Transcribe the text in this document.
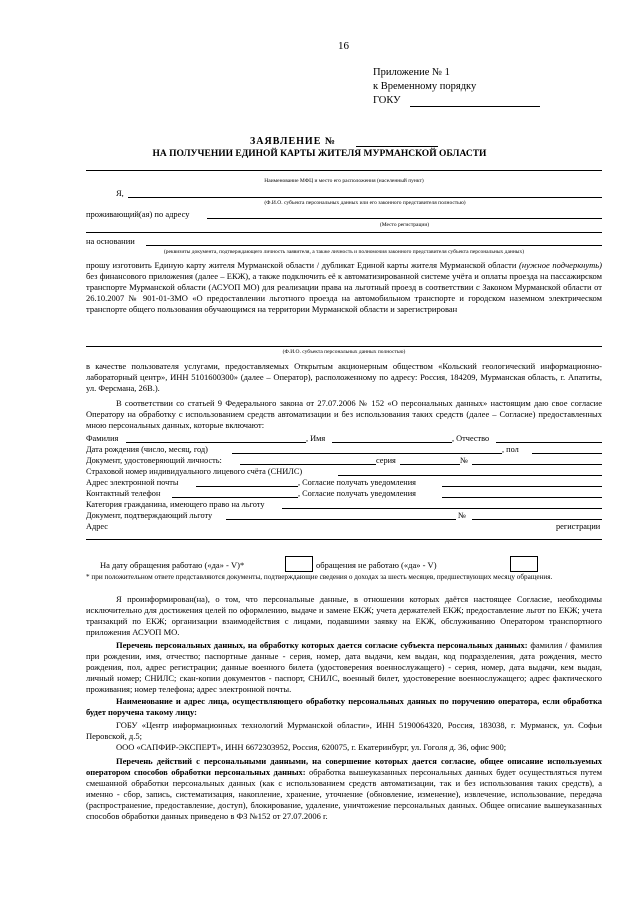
16
Приложение № 1
к Временному порядку
ГОКУ
ЗАЯВЛЕНИЕ №
НА ПОЛУЧЕНИИ ЕДИНОЙ КАРТЫ ЖИТЕЛЯ МУРМАНСКОЙ ОБЛАСТИ
Наименование МФЦ и место его расположения (населенный пункт)
Я,
(Ф.И.О. субъекта персональных данных или его законного представителя полностью)
проживающий(ая) по адресу
(Место регистрации)
на основании
(реквизиты документа, подтверждающего личность заявителя, а также личность и полномочия законного представителя субъекта персональных данных)
прошу изготовить Единую карту жителя Мурманской области / дубликат Единой карты жителя Мурманской области (нужное подчеркнуть) без финансового приложения (далее – ЕКЖ), а также подключить её к автоматизированной системе учёта и оплаты проезда на пассажирском транспорте Мурманской области (АСУОП МО) для реализации права на льготный проезд в соответствии с Законом Мурманской области от 26.10.2007 № 901-01-ЗМО «О предоставлении льготного проезда на автомобильном транспорте и городском наземном электрическом транспорте общего пользования обучающимся на территории Мурманской области и зарегистрирован
(Ф.И.О. субъекта персональных данных полностью)
в качестве пользователя услугами, предоставляемых Открытым акционерным обществом «Кольский геологический информационно-лабораторный центр», ИНН 5101600300» (далее – Оператор), расположенному по адресу: Россия, 184209, Мурманская область, г. Апатиты, ул. Ферсмана, 26В.).
В соответствии со статьей 9 Федерального закона от 27.07.2006 № 152 «О персональных данных» настоящим даю свое согласие Оператору на обработку с использованием средств автоматизации и без использования таких средств (далее – Согласие) предоставленных мною персональных данных, которые включают:
Фамилия	, Имя	, Отчество
Дата рождения (число, месяц, год)	, пол
Документ, удостоверяющий личность:	серия	№
Страховой номер индивидуального лицевого счёта (СНИЛС)
Адрес электронной почты	, Согласие получать уведомления
Контактный телефон	, Согласие получать уведомления
Категория гражданина, имеющего право на льготу
Документ, подтверждающий льготу	№
Адрес	регистрации
На дату обращения работаю («да» - V)*	обращения не работаю («да» - V)
* при положительном ответе представляются документы, подтверждающие сведения о доходах за шесть месяцев, предшествующих месяцу обращения.
Я проинформирован(на), о том, что персональные данные, в отношении которых даётся настоящее Согласие, необходимы исключительно для достижения целей по оформлению, выдаче и замене ЕКЖ; учета держателей ЕКЖ; предоставление льгот по ЕКЖ; учета транзакций по ЕКЖ; организации взаимодействия с лицами, подавшими заявку на ЕКЖ, обслуживанию Оператором транспортного приложения АСУОП МО.
Перечень персональных данных, на обработку которых дается согласие субъекта персональных данных: фамилия / фамилия при рождении, имя, отчество; паспортные данные - серия, номер, дата выдачи, кем выдан, код подразделения, дата рождения, место рождения, пол, адрес регистрации; данные военного билета (удостоверения военнослужащего) - серия, номер, дата выдачи, кем выдан, личный номер; СНИЛС; скан-копии документов - паспорт, СНИЛС, военный билет, удостоверение военнослужащего; адрес фактического проживания; номер телефона; адрес электронной почты.
Наименование и адрес лица, осуществляющего обработку персональных данных по поручению оператора, если обработка будет поручена такому лицу:
ГОБУ «Центр информационных технологий Мурманской области», ИНН 5190064320, Россия, 183038, г. Мурманск, ул. Софьи Перовской, д.5;
ООО «САПФИР-ЭКСПЕРТ», ИНН 6672303952, Россия, 620075, г. Екатеринбург, ул. Гоголя д. 36, офис 900;
Перечень действий с персональными данными, на совершение которых дается согласие, общее описание используемых оператором способов обработки персональных данных: обработка вышеуказанных персональных данных будет осуществляться путем смешанной обработки персональных данных (как с использованием средств автоматизации, так и без использования таких средств), а именно - сбор, запись, систематизация, накопление, хранение, уточнение (обновление, изменение), извлечение, использование, передача (распространение, предоставление, доступ), блокирование, удаление, уничтожение персональных данных. Общее описание вышеуказанных способов обработки данных приведено в ФЗ №152 от 27.07.2006 г.
